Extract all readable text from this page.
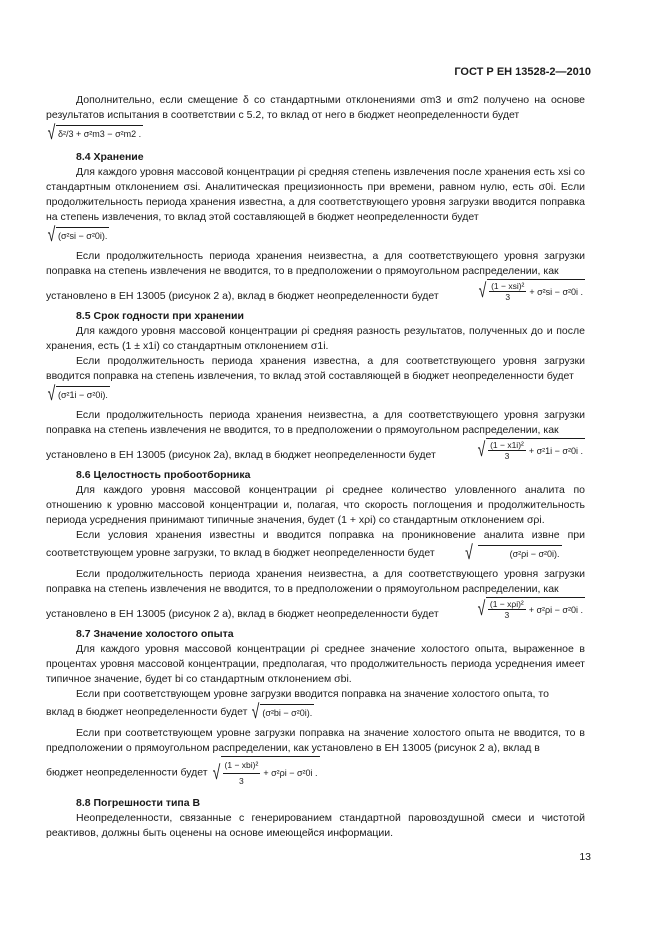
ГОСТ Р ЕН 13528-2—2010

Дополнительно, если смещение δ со стандартными отклонениями σm3 и σm2 получено на основе результатов испытания в соответствии с 5.2, то вклад от него в бюджет неопределенности будет

√ δ²/3 + σ²m3 − σ²m2 .

8.4 Хранение

Для каждого уровня массовой концентрации ρi средняя степень извлечения после хранения есть xsi со стандартным отклонением σsi. Аналитическая прецизионность при времени, равном нулю, есть σ0i. Если продолжительность периода хранения известна, а для соответствующего уровня загрузки вводится поправка на степень извлечения, то вклад этой составляющей в бюджет неопределенности будет

√ (σ²si − σ²0i).

Если продолжительность периода хранения неизвестна, а для соответствующего уровня загрузки поправка на степень извлечения не вводится, то в предположении о прямоугольном распределении, как

установлено в ЕН 13005 (рисунок 2 а), вклад в бюджет неопределенности будет √ $\frac{\text{(1 − xsi)²}}{3} + \sigma^2si - \sigma^20i$ .

8.5 Срок годности при хранении

Для каждого уровня массовой концентрации ρi средняя разность результатов, полученных до и после хранения, есть (1 ± x1i) со стандартным отклонением σ1i.

Если продолжительность периода хранения известна, а для соответствующего уровня загрузки вводится поправка на степень извлечения, то вклад этой составляющей в бюджет неопределенности будет

√ (σ²1i − σ²0i).

Если продолжительность периода хранения неизвестна, а для соответствующего уровня загрузки поправка на степень извлечения не вводится, то в предположении о прямоугольном распределении, как

установлено в ЕН 13005 (рисунок 2а), вклад в бюджет неопределенности будет √ $\frac{\text{(1 − x1i)²}}{3} + \sigma^21i - \sigma^20i$ .

8.6 Целостность пробоотборника

Для каждого уровня массовой концентрации ρi среднее количество уловленного аналита по отношению к уровню массовой концентрации и, полагая, что скорость поглощения и продолжительность периода усреднения принимают типичные значения, будет (1 + xρi) со стандартным отклонением σρi.

Если условия хранения известны и вводится поправка на проникновение аналита извне при соответствующем уровне загрузки, то вклад в бюджет неопределенности будет	√	(σ²ρi − σ²0i).

Если продолжительность периода хранения неизвестна, а для соответствующего уровня загрузки поправка на степень извлечения не вводится, то в предположении о прямоугольном распределении, как

установлено в ЕН 13005 (рисунок 2 а), вклад в бюджет неопределенности будет √ $\frac{\text{(1 − xρi)²}}{3} + \sigma^2\rho i - \sigma^20i$ .

8.7 Значение холостого опыта

Для каждого уровня массовой концентрации ρi среднее значение холостого опыта, выраженное в процентах уровня массовой концентрации, предполагая, что продолжительность периода усреднения имеет типичное значение, будет bi со стандартным отклонением σbi.

Если при соответствующем уровне загрузки вводится поправка на значение холостого опыта, то

вклад в бюджет неопределенности будет √ (σ²bi − σ²0i).

Если при соответствующем уровне загрузки поправка на значение холостого опыта не вводится, то в предположении о прямоугольном распределении, как установлено в ЕН 13005 (рисунок 2 а), вклад в

бюджет неопределенности будет √ $\frac{\text{(1 − xbi)²}}{3} + \sigma^2\rho i - \sigma^20i$ .

8.8 Погрешности типа В

Неопределенности, связанные с генерированием стандартной паровоздушной смеси и чистотой реактивов, должны быть оценены на основе имеющейся информации.

13
